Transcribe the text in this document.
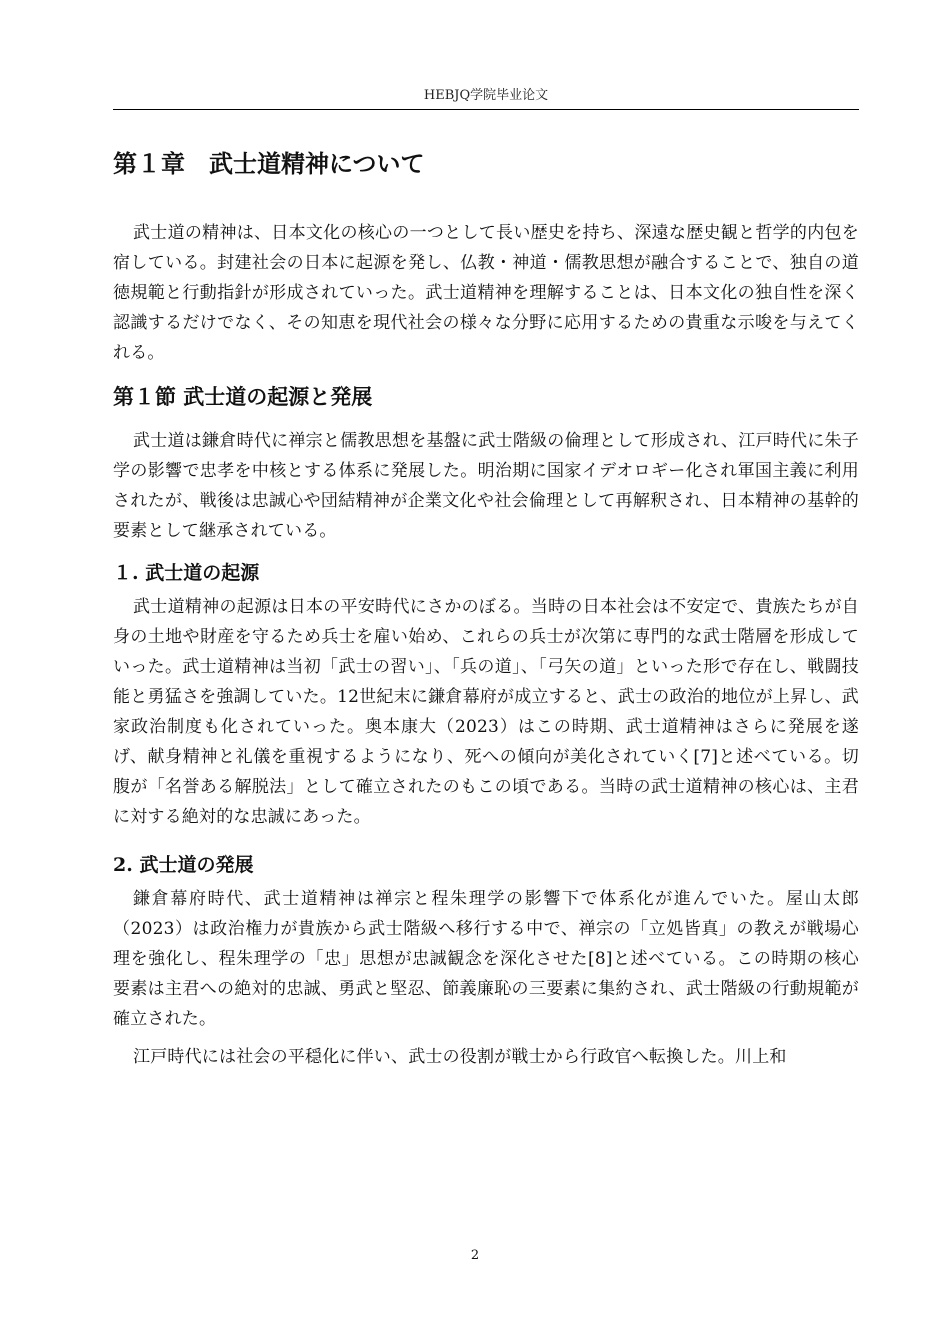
HEBJQ学院毕业论文
第１章　武士道精神について

武士道の精神は、日本文化の核心の一つとして長い歴史を持ち、深遠な歴史観と哲学的内包を宿している。封建社会の日本に起源を発し、仏教・神道・儒教思想が融合することで、独自の道徳規範と行動指針が形成されていった。武士道精神を理解することは、日本文化の独自性を深く認識するだけでなく、その知恵を現代社会の様々な分野に応用するための貴重な示唆を与えてくれる。

第１節 武士道の起源と発展

武士道は鎌倉時代に禅宗と儒教思想を基盤に武士階級の倫理として形成され、江戸時代に朱子学の影響で忠孝を中核とする体系に発展した。明治期に国家イデオロギー化され軍国主義に利用されたが、戦後は忠誠心や団結精神が企業文化や社会倫理として再解釈され、日本精神の基幹的要素として継承されている。

１. 武士道の起源

武士道精神の起源は日本の平安時代にさかのぼる。当時の日本社会は不安定で、貴族たちが自身の土地や財産を守るため兵士を雇い始め、これらの兵士が次第に専門的な武士階層を形成していった。武士道精神は当初「武士の習い」、「兵の道」、「弓矢の道」といった形で存在し、戦闘技能と勇猛さを強調していた。12世紀末に鎌倉幕府が成立すると、武士の政治的地位が上昇し、武家政治制度も化されていった。奥本康大（2023）はこの時期、武士道精神はさらに発展を遂げ、献身精神と礼儀を重視するようになり、死への傾向が美化されていく[7]と述べている。切腹が「名誉ある解脱法」として確立されたのもこの頃である。当時の武士道精神の核心は、主君に対する絶対的な忠誠にあった。

2. 武士道の発展

鎌倉幕府時代、武士道精神は禅宗と程朱理学の影響下で体系化が進んでいた。屋山太郎（2023）は政治権力が貴族から武士階級へ移行する中で、禅宗の「立処皆真」の教えが戦場心理を強化し、程朱理学の「忠」思想が忠誠観念を深化させた[8]と述べている。この時期の核心要素は主君への絶対的忠誠、勇武と堅忍、節義廉恥の三要素に集約され、武士階級の行動規範が確立された。

江戸時代には社会の平穏化に伴い、武士の役割が戦士から行政官へ転換した。川上和

2
